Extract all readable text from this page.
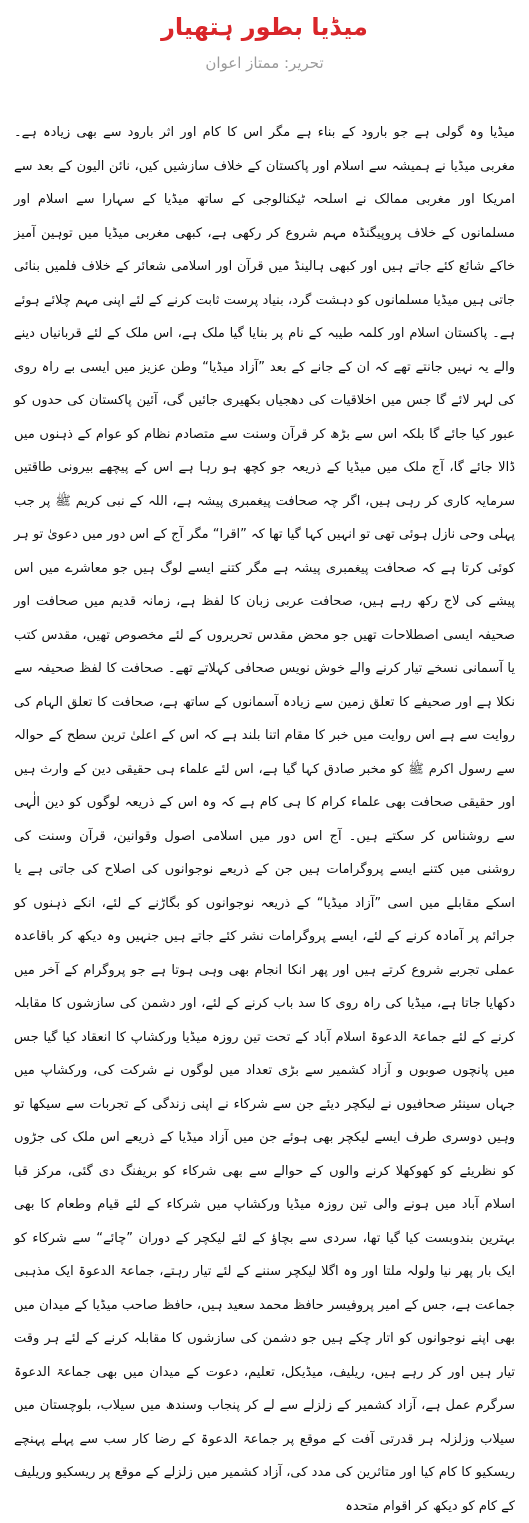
میڈیا بطور ہتھیار
تحریر: ممتاز اعوان

میڈیا وہ گولی ہے جو بارود کے بناء ہے مگر اس کا کام اور اثر بارود سے بھی زیادہ ہے۔ مغربی میڈیا نے ہمیشہ سے اسلام اور پاکستان کے خلاف سازشیں کیں، نائن الیون کے بعد سے امریکا اور مغربی ممالک نے اسلحہ ٹیکنالوجی کے ساتھ میڈیا کے سہارا سے اسلام اور مسلمانوں کے خلاف پروپیگنڈہ مہم شروع کر رکھی ہے، کبھی مغربی میڈیا میں توہین آمیز خاکے شائع کئے جاتے ہیں اور کبھی ہالینڈ میں قرآن اور اسلامی شعائر کے خلاف فلمیں بنائی جاتی ہیں میڈیا مسلمانوں کو دہشت گرد، بنیاد پرست ثابت کرنے کے لئے اپنی مہم چلائے ہوئے ہے۔ پاکستان اسلام اور کلمہ طیبہ کے نام پر بنایا گیا ملک ہے، اس ملک کے لئے قربانیاں دینے والے یہ نہیں جانتے تھے کہ ان کے جانے کے بعد ”آزاد میڈیا“ وطن عزیز میں ایسی بے راہ روی کی لہر لائے گا جس میں اخلاقیات کی دھجیاں بکھیری جائیں گی، آئین پاکستان کی حدوں کو عبور کیا جائے گا بلکہ اس سے بڑھ کر قرآن وسنت سے متصادم نظام کو عوام کے ذہنوں میں ڈالا جائے گا، آج ملک میں میڈیا کے ذریعہ جو کچھ ہو رہا ہے اس کے پیچھے بیرونی طاقتیں سرمایہ کاری کر رہی ہیں، اگر چہ صحافت پیغمبری پیشہ ہے، اللہ کے نبی کریم ﷺ پر جب پہلی وحی نازل ہوئی تھی تو انہیں کہا گیا تھا کہ ”اقرا“ مگر آج کے اس دور میں دعویٰ تو ہر کوئی کرتا ہے کہ صحافت پیغمبری پیشہ ہے مگر کتنے ایسے لوگ ہیں جو معاشرے میں اس پیشے کی لاج رکھ رہے ہیں، صحافت عربی زبان کا لفظ ہے، زمانہ قدیم میں صحافت اور صحیفہ ایسی اصطلاحات تھیں جو محض مقدس تحریروں کے لئے مخصوص تھیں، مقدس کتب یا آسمانی نسخے تیار کرنے والے خوش نویس صحافی کہلاتے تھے۔ صحافت کا لفظ صحیفہ سے نکلا ہے اور صحیفے کا تعلق زمین سے زیادہ آسمانوں کے ساتھ ہے، صحافت کا تعلق الہام کی روایت سے ہے اس روایت میں خبر کا مقام اتنا بلند ہے کہ اس کے اعلیٰ ترین سطح کے حوالہ سے رسول اکرم ﷺ کو مخبر صادق کہا گیا ہے، اس لئے علماء ہی حقیقی دین کے وارث ہیں اور حقیقی صحافت بھی علماء کرام کا ہی کام ہے کہ وہ اس کے ذریعہ لوگوں کو دین الٰہی سے روشناس کر سکتے ہیں۔ آج اس دور میں اسلامی اصول وقوانین، قرآن وسنت کی روشنی میں کتنے ایسے پروگرامات ہیں جن کے ذریعے نوجوانوں کی اصلاح کی جاتی ہے یا اسکے مقابلے میں اسی ”آزاد میڈیا“ کے ذریعہ نوجوانوں کو بگاڑنے کے لئے، انکے ذہنوں کو جرائم پر آمادہ کرنے کے لئے، ایسے پروگرامات نشر کئے جاتے ہیں جنہیں وہ دیکھ کر باقاعدہ عملی تجربے شروع کرتے ہیں اور پھر انکا انجام بھی وہی ہوتا ہے جو پروگرام کے آخر میں دکھایا جاتا ہے، میڈیا کی راہ روی کا سد باب کرنے کے لئے، اور دشمن کی سازشوں کا مقابلہ کرنے کے لئے جماعۃ الدعوۃ اسلام آباد کے تحت تین روزہ میڈیا ورکشاپ کا انعقاد کیا گیا جس میں پانچوں صوبوں و آزاد کشمیر سے بڑی تعداد میں لوگوں نے شرکت کی، ورکشاپ میں جہاں سینئر صحافیوں نے لیکچر دیئے جن سے شرکاء نے اپنی زندگی کے تجربات سے سیکھا تو وہیں دوسری طرف ایسے لیکچر بھی ہوئے جن میں آزاد میڈیا کے ذریعے اس ملک کی جڑوں کو نظریئے کو کھوکھلا کرنے والوں کے حوالے سے بھی شرکاء کو بریفنگ دی گئی، مرکز قبا اسلام آباد میں ہونے والی تین روزہ میڈیا ورکشاپ میں شرکاء کے لئے قیام وطعام کا بھی بہترین بندوبست کیا گیا تھا، سردی سے بچاؤ کے لئے لیکچر کے دوران ”چائے“ سے شرکاء کو ایک بار پھر نیا ولولہ ملتا اور وہ اگلا لیکچر سننے کے لئے تیار رہتے، جماعۃ الدعوۃ ایک مذہبی جماعت ہے، جس کے امیر پروفیسر حافظ محمد سعید ہیں، حافظ صاحب میڈیا کے میدان میں بھی اپنے نوجوانوں کو اتار چکے ہیں جو دشمن کی سازشوں کا مقابلہ کرنے کے لئے ہر وقت تیار ہیں اور کر رہے ہیں، ریلیف، میڈیکل، تعلیم، دعوت کے میدان میں بھی جماعۃ الدعوۃ سرگرم عمل ہے، آزاد کشمیر کے زلزلے سے لے کر پنجاب وسندھ میں سیلاب، بلوچستان میں سیلاب وزلزلہ ہر قدرتی آفت کے موقع پر جماعۃ الدعوۃ کے رضا کار سب سے پہلے پہنچے ریسکیو کا کام کیا اور متاثرین کی مدد کی، آزاد کشمیر میں زلزلے کے موقع پر ریسکیو وریلیف کے کام کو دیکھ کر اقوام متحدہ
